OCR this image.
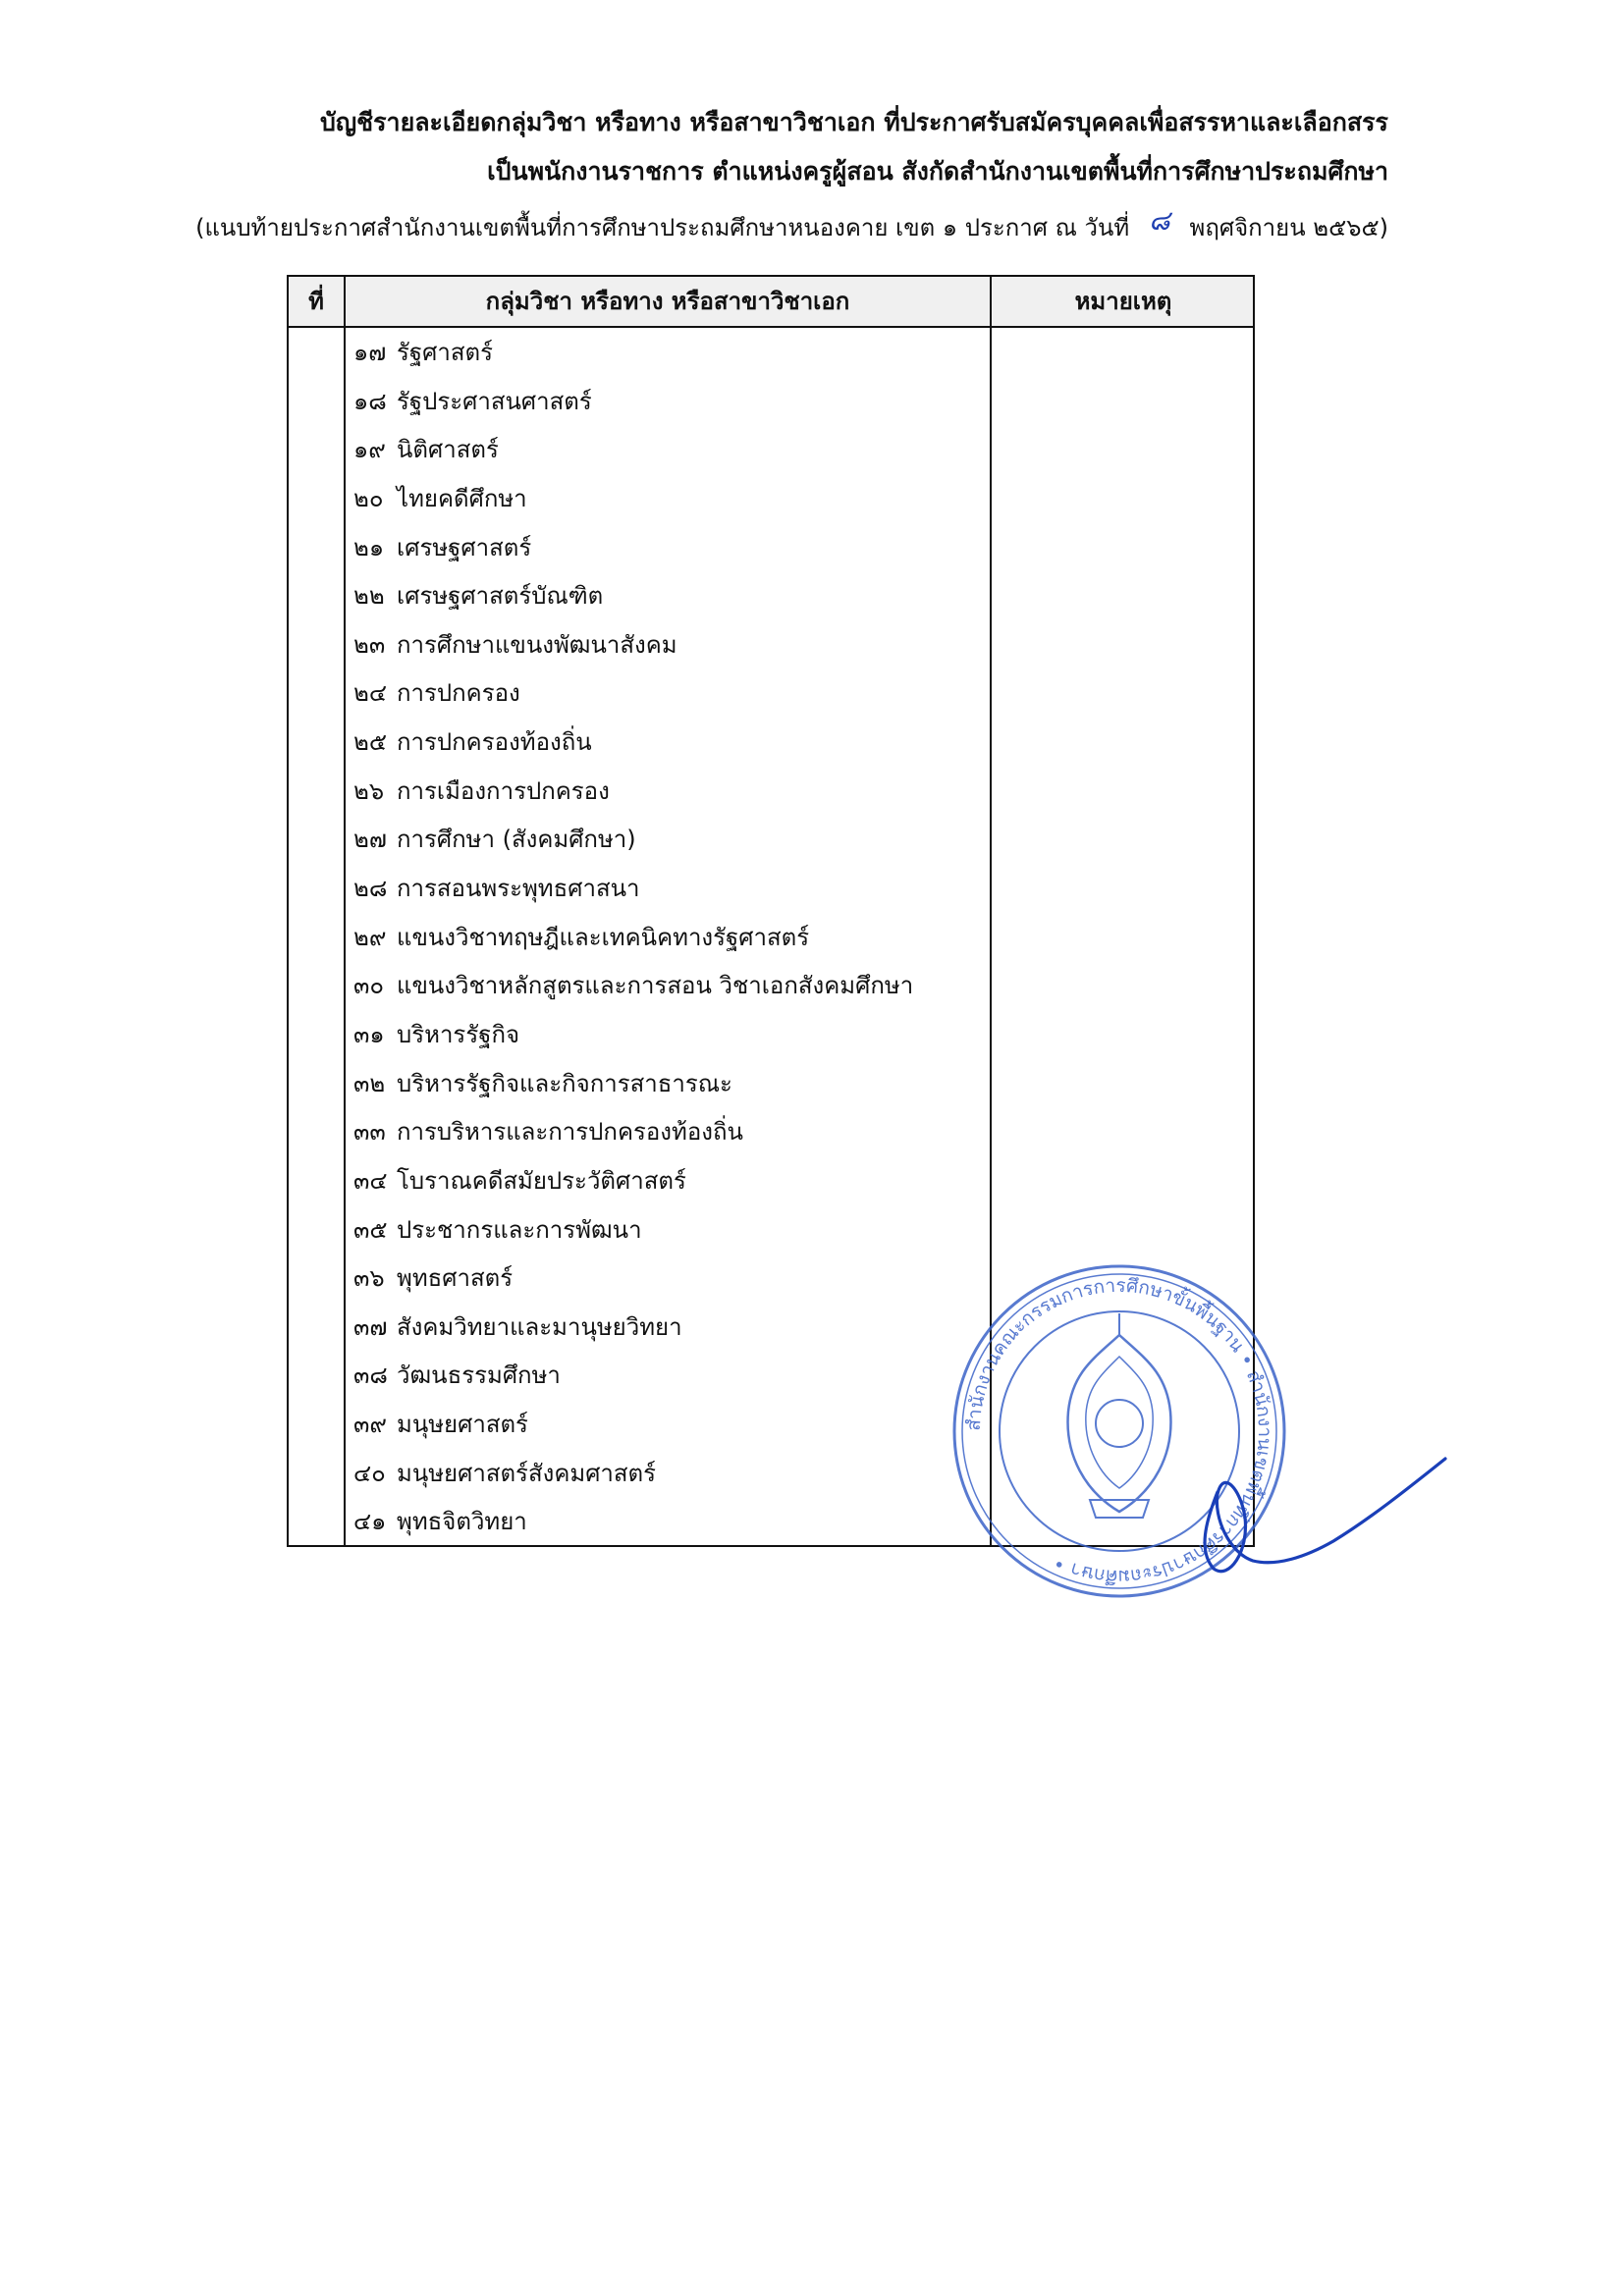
บัญชีรายละเอียดกลุ่มวิชา หรือทาง หรือสาขาวิชาเอก ที่ประกาศรับสมัครบุคคลเพื่อสรรหาและเลือกสรร
เป็นพนักงานราชการ ตำแหน่งครูผู้สอน สังกัดสำนักงานเขตพื้นที่การศึกษาประถมศึกษา
(แนบท้ายประกาศสำนักงานเขตพื้นที่การศึกษาประถมศึกษาหนองคาย เขต ๑ ประกาศ ณ วันที่ ๘ พฤศจิกายน ๒๕๖๕)
ที่	กลุ่มวิชา หรือทาง หรือสาขาวิชาเอก	หมายเหตุ
๑๗ รัฐศาสตร์
๑๘ รัฐประศาสนศาสตร์
๑๙ นิติศาสตร์
๒๐ ไทยคดีศึกษา
๒๑ เศรษฐศาสตร์
๒๒ เศรษฐศาสตร์บัณฑิต
๒๓ การศึกษาแขนงพัฒนาสังคม
๒๔ การปกครอง
๒๕ การปกครองท้องถิ่น
๒๖ การเมืองการปกครอง
๒๗ การศึกษา (สังคมศึกษา)
๒๘ การสอนพระพุทธศาสนา
๒๙ แขนงวิชาทฤษฎีและเทคนิคทางรัฐศาสตร์
๓๐ แขนงวิชาหลักสูตรและการสอน วิชาเอกสังคมศึกษา
๓๑ บริหารรัฐกิจ
๓๒ บริหารรัฐกิจและกิจการสาธารณะ
๓๓ การบริหารและการปกครองท้องถิ่น
๓๔ โบราณคดีสมัยประวัติศาสตร์
๓๕ ประชากรและการพัฒนา
๓๖ พุทธศาสตร์
๓๗ สังคมวิทยาและมานุษยวิทยา
๓๘ วัฒนธรรมศึกษา
๓๙ มนุษยศาสตร์
๔๐ มนุษยศาสตร์สังคมศาสตร์
๔๑ พุทธจิตวิทยา
สำนักงานคณะกรรมการการศึกษาขั้นพื้นฐาน • สำนักงานเขตพื้นที่การศึกษาประถมศึกษา •
